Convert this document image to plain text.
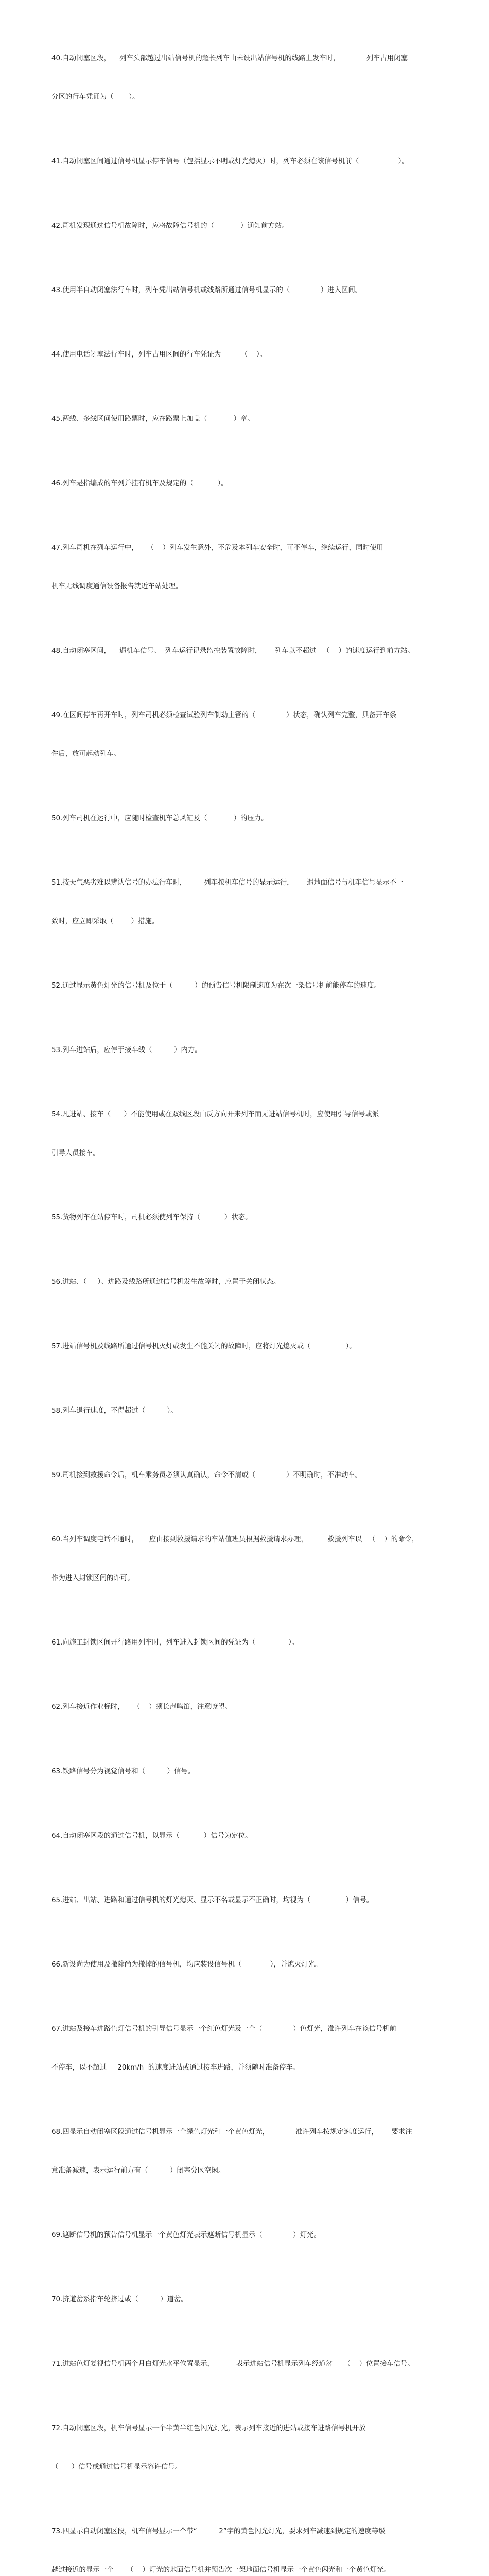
40.自动闭塞区段，    列车头部越过出站信号机的超长列车由未设出站信号机的线路上发车时，            列车占用闭塞

分区的行车凭证为（       ）。

41.自动闭塞区间通过信号机显示停车信号（包括显示不明或灯光熄灭）时，列车必须在该信号机前（                  ）。

42.司机发现通过信号机故障时，应将故障信号机的（            ）通知前方站。

43.使用半自动闭塞法行车时，列车凭出站信号机或线路所通过信号机显示的（              ）进入区间。

44.使用电话闭塞法行车时，列车占用区间的行车凭证为         （    ）。

45.两线、多线区间使用路票时，应在路票上加盖（            ）章。

46.列车是指编成的车列并挂有机车及规定的（           ）。

47.列车司机在列车运行中，    （    ）列车发生意外，不危及本列车安全时，可不停车，继续运行，同时使用

机车无线调度通信设备报告就近车站处理。

48.自动闭塞区间，    遇机车信号、  列车运行记录监控装置故障时，      列车以不超过   （    ）的速度运行到前方站。

49.在区间停车再开车时，列车司机必须检查试验列车制动主管的（              ）状态，确认列车完整，具备开车条

件后，放可起动列车。

50.列车司机在运行中，应随时检查机车总风缸及（            ）的压力。

51.按天气恶劣难以辨认信号的办法行车时，        列车按机车信号的显示运行，      遇地面信号与机车信号显示不一

致时，应立即采取（        ）措施。

52.通过显示黄色灯光的信号机及位于（          ）的预告信号机限制速度为在次一架信号机前能停车的速度。

53.列车进站后，应停于接车线（          ）内方。

54.凡进站、接车（      ）不能使用或在双线区段由反方向开来列车而无进站信号机时，应使用引导信号或派

引导人员接车。

55.货物列车在站停车时，司机必须使列车保持（           ）状态。

56.进站、（     ）、进路及线路所通过信号机发生故障时，应置于关闭状态。

57.进站信号机及线路所通过信号机灭灯或发生不能关闭的故障时，应将灯光熄灭或（                ）。

58.列车退行速度，不得超过（          ）。

59.司机接到救援命令后，机车乘务员必须认真确认，命令不清或（              ）不明确时，不准动车。

60.当列车调度电话不通时，     应由接到救援请求的车站值班员根据救援请求办理，         救援列车以   （    ）的命令，

作为进入封锁区间的许可。

61.向施工封锁区间开行路用列车时，列车进入封锁区间的凭证为（               ）。

62.列车接近作业标时，    （    ）须长声鸣笛，注意嘹望。

63.铁路信号分为视觉信号和（          ）信号。

64.自动闭塞区段的通过信号机，以显示（           ）信号为定位。

65.进站、出站、进路和通过信号机的灯光熄灭、显示不名或显示不正确时，均视为（                ）信号。

66.新设尚为使用及撤除尚为撤掉的信号机，均应装设信号机（             ），并熄灭灯光。

67.进站及接车进路色灯信号机的引导信号显示一个红色灯光及一个（              ）色灯光，准许列车在该信号机前

不停车，以不超过     20km/h  的速度进站或通过接车进路，并须随时准备停车。

68.四显示自动闭塞区段通过信号机显示一个绿色灯光和一个黄色灯光，            准许列车按规定速度运行，      要求注

意准备减速，表示运行前方有（          ）闭塞分区空闲。

69.遮断信号机的预告信号机显示一个黄色灯光表示遮断信号机显示（              ）灯光。

70.挤道岔系指车轮挤过或（          ）道岔。

71.进站色灯复视信号机两个月白灯光水平位置显示，          表示进站信号机显示列车经道岔     （    ）位置接车信号。

72.自动闭塞区段，机车信号显示一个半黄半红色闪光灯光，表示列车接近的进站或接车进路信号机开放

（      ）信号或通过信号机显示容许信号。

73.四显示自动闭塞区段，机车信号显示一个带“          2”字的黄色闪光灯光，要求列车减速到规定的速度等级

越过接近的显示一个      （    ）灯光的地面信号机并预告次一架地面信号机显示一个黄色闪光和一个黄色灯光。
